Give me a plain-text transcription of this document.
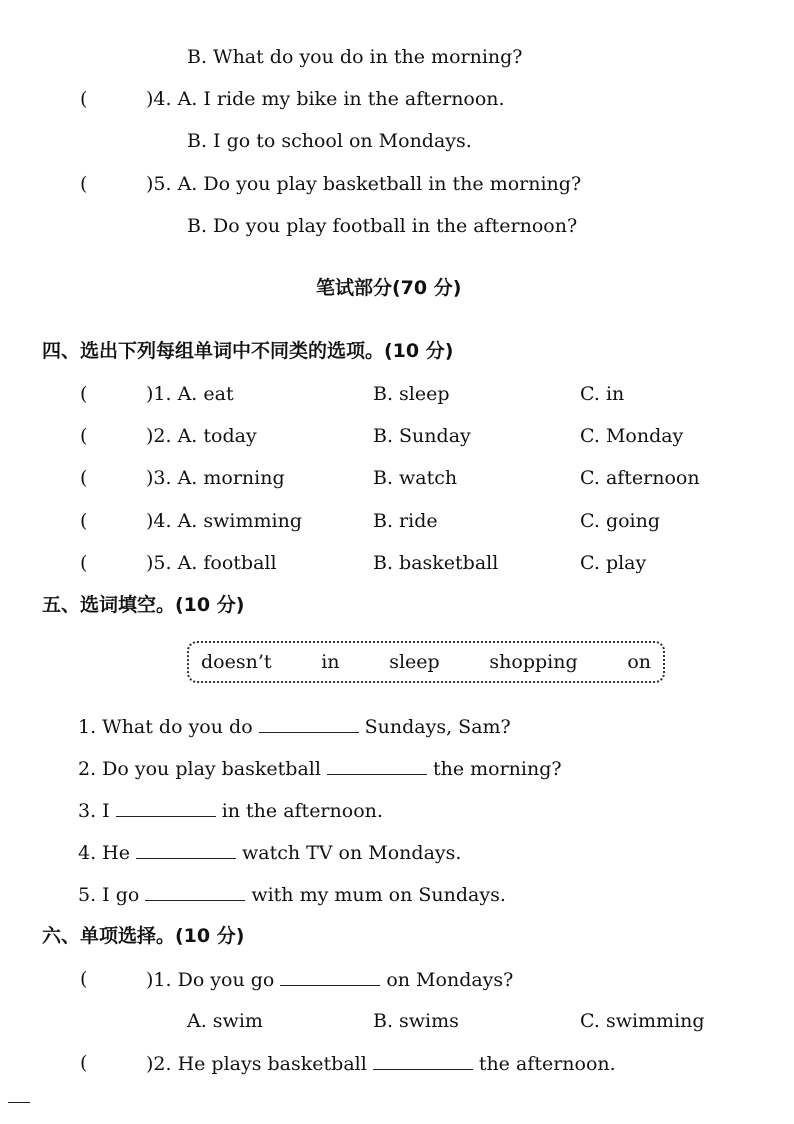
B. What do you do in the morning?
(	)4. A. I ride my bike in the afternoon.
B. I go to school on Mondays.
(	)5. A. Do you play basketball in the morning?
B. Do you play football in the afternoon?
笔试部分(70 分)
四、选出下列每组单词中不同类的选项。(10 分)
(	)1. A. eat	B. sleep	C. in
(	)2. A. today	B. Sunday	C. Monday
(	)3. A. morning	B. watch	C. afternoon
(	)4. A. swimming	B. ride	C. going
(	)5. A. football	B. basketball	C. play
五、选词填空。(10 分)
doesn’t	in	sleep	shopping	on
1. What do you do	Sundays, Sam?
2. Do you play basketball	the morning?
3. I	in the afternoon.
4. He	watch TV on Mondays.
5. I go	with my mum on Sundays.
六、单项选择。(10 分)
(	)1. Do you go	on Mondays?
A. swim	B. swims	C. swimming
(	)2. He plays basketball	the afternoon.
